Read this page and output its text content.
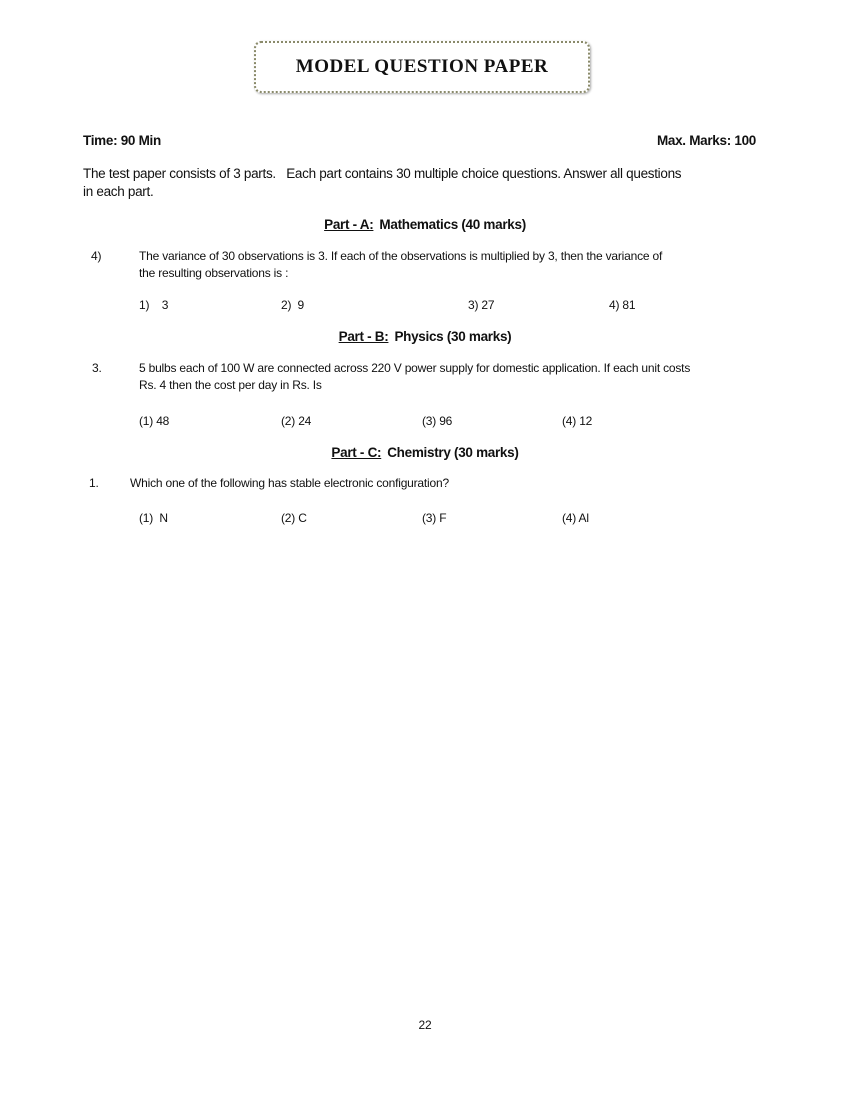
MODEL QUESTION PAPER
Time: 90 Min	Max. Marks: 100
The test paper consists of 3 parts.   Each part contains 30 multiple choice questions. Answer all questions
in each part.
Part - A: Mathematics (40 marks)
4)	The variance of 30 observations is 3. If each of the observations is multiplied by 3, then the variance of
the resulting observations is :
1)    3	2)  9	3) 27	4) 81
Part - B: Physics (30 marks)
3.	5 bulbs each of 100 W are connected across 220 V power supply for domestic application. If each unit costs
Rs. 4 then the cost per day in Rs. Is
(1) 48	(2) 24	(3) 96	(4) 12
Part - C: Chemistry (30 marks)
1.	Which one of the following has stable electronic configuration?
(1)  N	(2) C	(3) F	(4) Al
22
